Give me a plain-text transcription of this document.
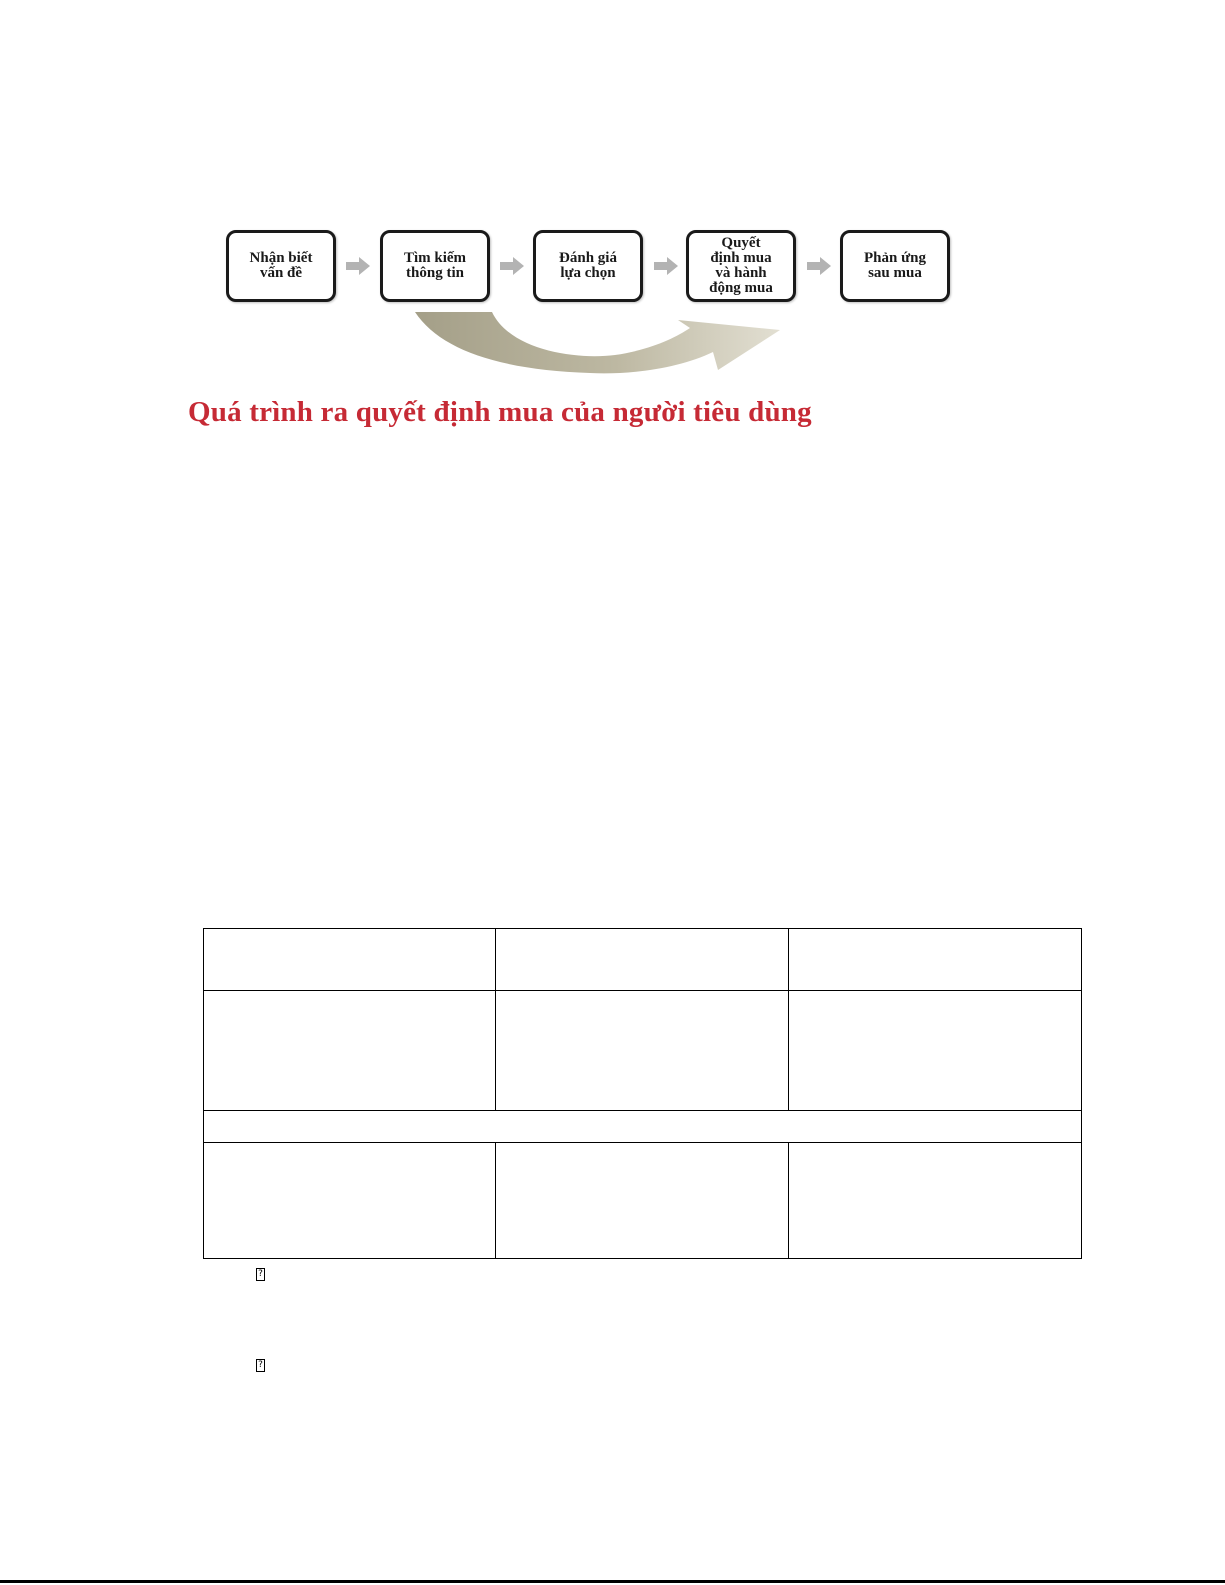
Nhận biết
vấn đề
Tìm kiếm
thông tin
Đánh giá
lựa chọn
Quyết
định mua
và hành
động mua
Phản ứng
sau mua
Quá trình ra quyết định mua của người tiêu dùng

?
?
